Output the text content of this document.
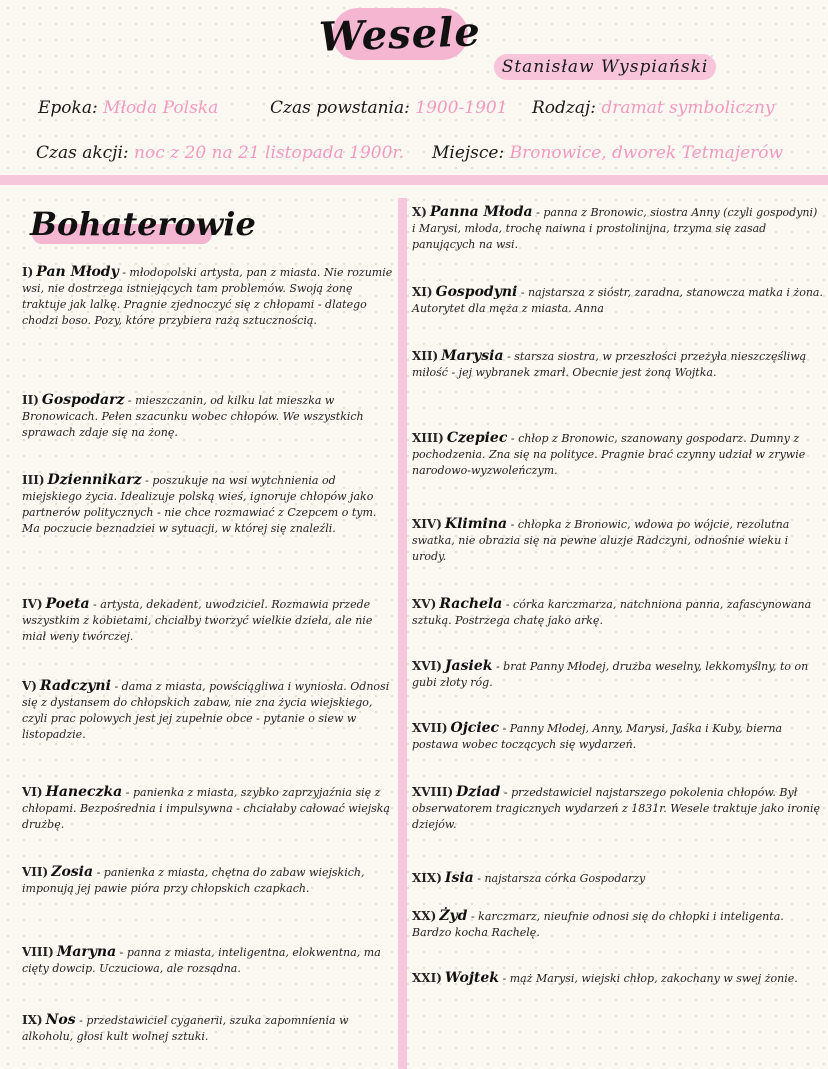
Wesele
Stanisław Wyspiański
Epoka: Młoda Polska	Czas powstania: 1900-1901 Rodzaj: dramat symboliczny
Czas akcji: noc z 20 na 21 listopada 1900r. Miejsce: Bronowice, dworek Tetmajerów
Bohaterowie
I) Pan Młody - młodopolski artysta, pan z miasta. Nie rozumie wsi, nie dostrzega istniejących tam problemów. Swoją żonę traktuje jak lalkę. Pragnie zjednoczyć się z chłopami - dlatego chodzi boso. Pozy, które przybiera rażą sztucznością.
II) Gospodarz - mieszczanin, od kilku lat mieszka w Bronowicach. Pełen szacunku wobec chłopów. We wszystkich sprawach zdaje się na żonę.
III) Dziennikarz - poszukuje na wsi wytchnienia od miejskiego życia. Idealizuje polską wieś, ignoruje chłopów jako partnerów politycznych - nie chce rozmawiać z Czepcem o tym. Ma poczucie beznadziei w sytuacji, w której się znaleźli.
IV) Poeta - artysta, dekadent, uwodziciel. Rozmawia przede wszystkim z kobietami, chciałby tworzyć wielkie dzieła, ale nie miał weny twórczej.
V) Radczyni - dama z miasta, powściągliwa i wyniosła. Odnosi się z dystansem do chłopskich zabaw, nie zna życia wiejskiego, czyli prac polowych jest jej zupełnie obce - pytanie o siew w listopadzie.
VI) Haneczka - panienka z miasta, szybko zaprzyjaźnia się z chłopami. Bezpośrednia i impulsywna - chciałaby całować wiejską drużbę.
VII) Zosia - panienka z miasta, chętna do zabaw wiejskich, imponują jej pawie pióra przy chłopskich czapkach.
VIII) Maryna - panna z miasta, inteligentna, elokwentna, ma cięty dowcip. Uczuciowa, ale rozsądna.
IX) Nos - przedstawiciel cyganerii, szuka zapomnienia w alkoholu, głosi kult wolnej sztuki.
X) Panna Młoda - panna z Bronowic, siostra Anny (czyli gospodyni) i Marysi, młoda, trochę naiwna i prostolinijna, trzyma się zasad panujących na wsi.
XI) Gospodyni - najstarsza z sióstr, zaradna, stanowcza matka i żona. Autorytet dla męża z miasta. Anna
XII) Marysia - starsza siostra, w przeszłości przeżyła nieszczęśliwą miłość - jej wybranek zmarł. Obecnie jest żoną Wojtka.
XIII) Czepiec - chłop z Bronowic, szanowany gospodarz. Dumny z pochodzenia. Zna się na polityce. Pragnie brać czynny udział w zrywie narodowo-wyzwoleńczym.
XIV) Klimina - chłopka z Bronowic, wdowa po wójcie, rezolutna swatka, nie obrazia się na pewne aluzje Radczyni, odnośnie wieku i urody.
XV) Rachela - córka karczmarza, natchniona panna, zafascynowana sztuką. Postrzega chatę jako arkę.
XVI) Jasiek - brat Panny Młodej, drużba weselny, lekkomyślny, to on gubi złoty róg.
XVII) Ojciec - Panny Młodej, Anny, Marysi, Jaśka i Kuby, bierna postawa wobec toczących się wydarzeń.
XVIII) Dziad - przedstawiciel najstarszego pokolenia chłopów. Był obserwatorem tragicznych wydarzeń z 1831r. Wesele traktuje jako ironię dziejów.
XIX) Isia - najstarsza córka Gospodarzy
XX) Żyd - karczmarz, nieufnie odnosi się do chłopki i inteligenta. Bardzo kocha Rachelę.
XXI) Wojtek - mąż Marysi, wiejski chłop, zakochany w swej żonie.
